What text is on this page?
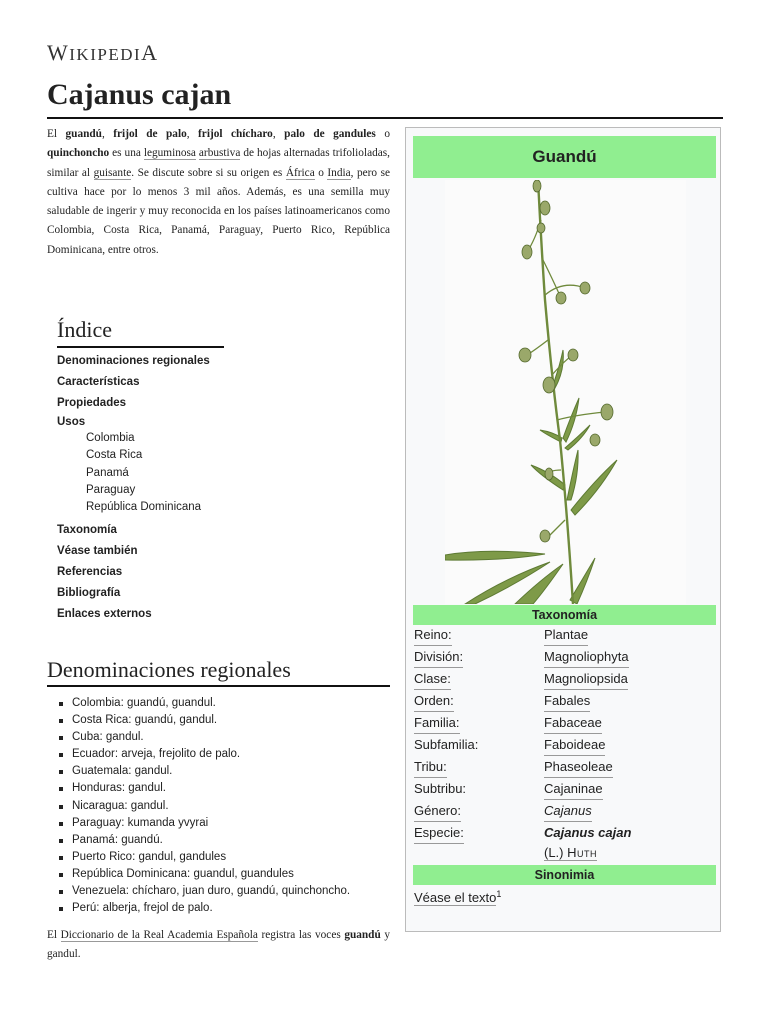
WIKIPEDIA
Cajanus cajan

El guandú, frijol de palo, frijol chícharo, palo de gandules o quinchoncho es una leguminosa arbustiva de hojas alternadas trifolioladas, similar al guisante. Se discute sobre si su origen es África o India, pero se cultiva hace por lo menos 3 mil años. Además, es una semilla muy saludable de ingerir y muy reconocida en los países latinoamericanos como Colombia, Costa Rica, Panamá, Paraguay, Puerto Rico, República Dominicana, entre otros.

Índice
Denominaciones regionales
Características
Propiedades
Usos
Colombia
Costa Rica
Panamá
Paraguay
República Dominicana
Taxonomía
Véase también
Referencias
Bibliografía
Enlaces externos
Denominaciones regionales
Colombia: guandú, guandul.
Costa Rica: guandú, gandul.
Cuba: gandul.
Ecuador: arveja, frejolito de palo.
Guatemala: gandul.
Honduras: gandul.
Nicaragua: gandul.
Paraguay: kumanda yvyrai
Panamá: guandú.
Puerto Rico: gandul, gandules
República Dominicana: guandul, guandules
Venezuela: chícharo, juan duro, guandú, quinchoncho.
Perú: alberja, frejol de palo.

El Diccionario de la Real Academia Española registra las voces guandú y gandul.

Guandú
Taxonomía
Reino:	Plantae
División:	Magnoliophyta
Clase:	Magnoliopsida
Orden:	Fabales
Familia:	Fabaceae
Subfamilia:	Faboideae
Tribu:	Phaseoleae
Subtribu:	Cajaninae
Género:	Cajanus
Especie:	Cajanus cajan
(L.) Huth
Sinonimia
Véase el texto$^1$
